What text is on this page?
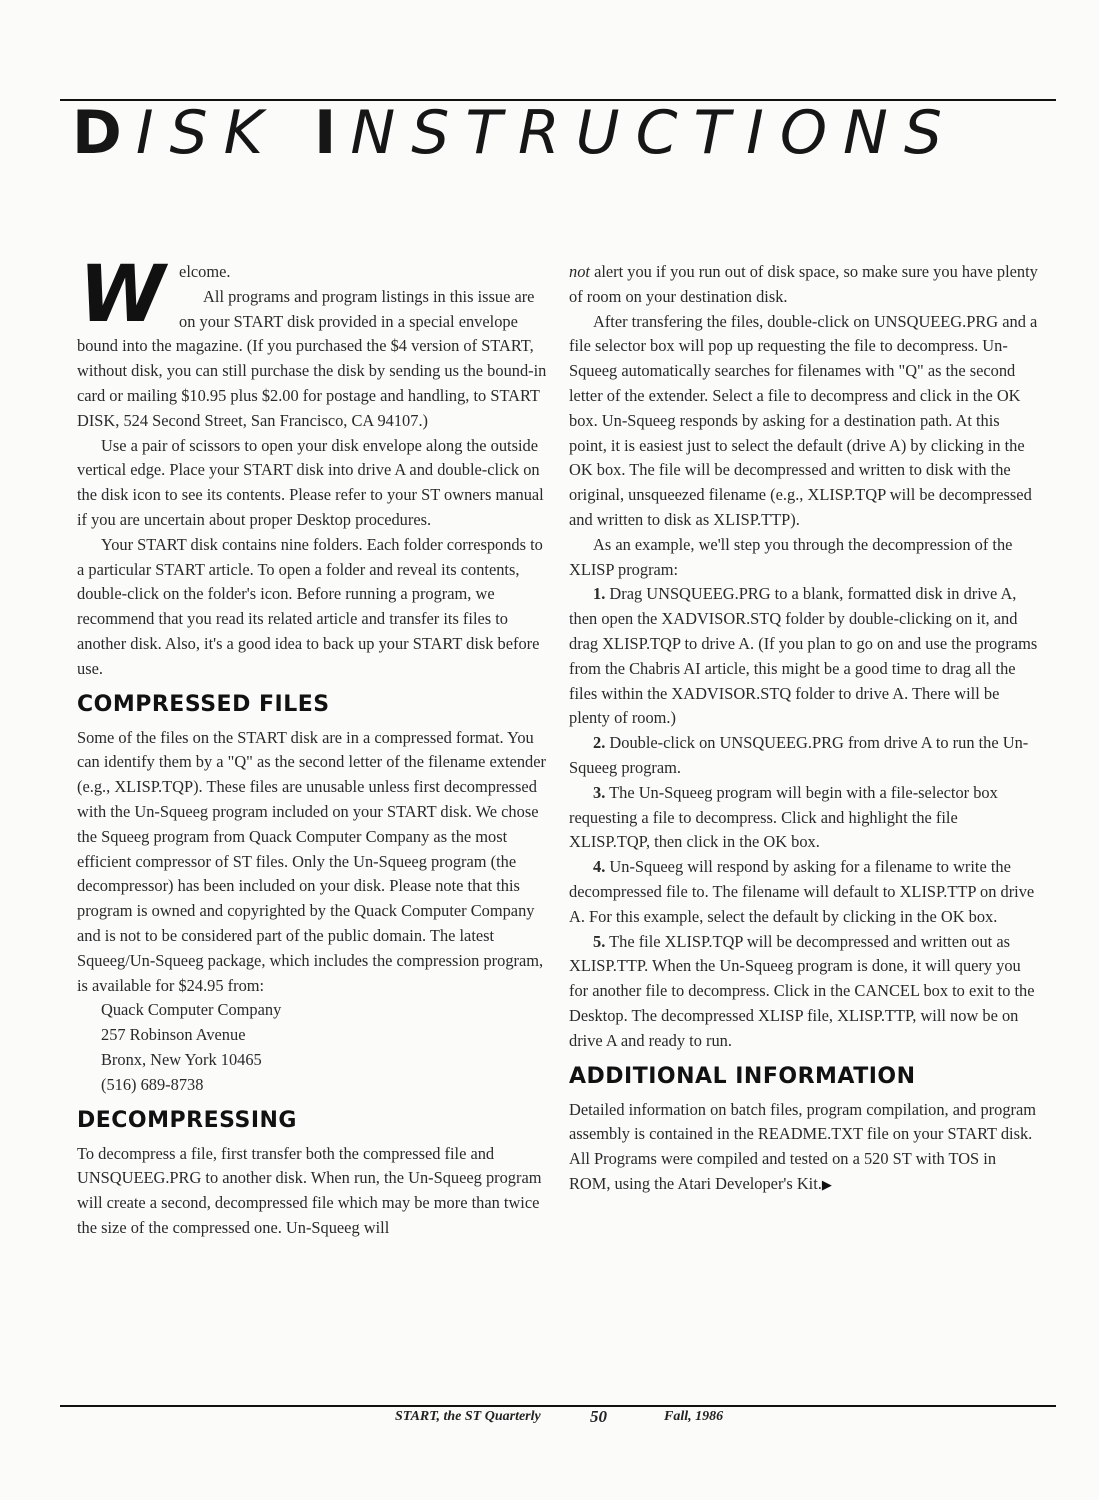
DISK INSTRUCTIONS
W elcome.

All programs and program listings in this issue are on your START disk provided in a special envelope bound into the magazine. (If you purchased the $4 version of START, without disk, you can still purchase the disk by sending us the bound-in card or mailing $10.95 plus $2.00 for postage and handling, to START DISK, 524 Second Street, San Francisco, CA 94107.)

Use a pair of scissors to open your disk envelope along the outside vertical edge. Place your START disk into drive A and double-click on the disk icon to see its contents. Please refer to your ST owners manual if you are uncertain about proper Desktop procedures.

Your START disk contains nine folders. Each folder corresponds to a particular START article. To open a folder and reveal its contents, double-click on the folder's icon. Before running a program, we recommend that you read its related article and transfer its files to another disk. Also, it's a good idea to back up your START disk before use.

COMPRESSED FILES

Some of the files on the START disk are in a compressed format. You can identify them by a "Q" as the second letter of the filename extender (e.g., XLISP.TQP). These files are unusable unless first decompressed with the Un-Squeeg program included on your START disk. We chose the Squeeg program from Quack Computer Company as the most efficient compressor of ST files. Only the Un-Squeeg program (the decompressor) has been included on your disk. Please note that this program is owned and copyrighted by the Quack Computer Company and is not to be considered part of the public domain. The latest Squeeg/Un-Squeeg package, which includes the compression program, is available for $24.95 from:

Quack Computer Company
257 Robinson Avenue
Bronx, New York 10465
(516) 689-8738
DECOMPRESSING

To decompress a file, first transfer both the compressed file and UNSQUEEG.PRG to another disk. When run, the Un-Squeeg program will create a second, decompressed file which may be more than twice the size of the compressed one. Un-Squeeg will

not alert you if you run out of disk space, so make sure you have plenty of room on your destination disk.

After transfering the files, double-click on UNSQUEEG.PRG and a file selector box will pop up requesting the file to decompress. Un-Squeeg automatically searches for filenames with "Q" as the second letter of the extender. Select a file to decompress and click in the OK box. Un-Squeeg responds by asking for a destination path. At this point, it is easiest just to select the default (drive A) by clicking in the OK box. The file will be decompressed and written to disk with the original, unsqueezed filename (e.g., XLISP.TQP will be decompressed and written to disk as XLISP.TTP).

As an example, we'll step you through the decompression of the XLISP program:

1. Drag UNSQUEEG.PRG to a blank, formatted disk in drive A, then open the XADVISOR.STQ folder by double-clicking on it, and drag XLISP.TQP to drive A. (If you plan to go on and use the programs from the Chabris AI article, this might be a good time to drag all the files within the XADVISOR.STQ folder to drive A. There will be plenty of room.)

2. Double-click on UNSQUEEG.PRG from drive A to run the Un-Squeeg program.

3. The Un-Squeeg program will begin with a file-selector box requesting a file to decompress. Click and highlight the file XLISP.TQP, then click in the OK box.

4. Un-Squeeg will respond by asking for a filename to write the decompressed file to. The filename will default to XLISP.TTP on drive A. For this example, select the default by clicking in the OK box.

5. The file XLISP.TQP will be decompressed and written out as XLISP.TTP. When the Un-Squeeg program is done, it will query you for another file to decompress. Click in the CANCEL box to exit to the Desktop. The decompressed XLISP file, XLISP.TTP, will now be on drive A and ready to run.

ADDITIONAL INFORMATION

Detailed information on batch files, program compilation, and program assembly is contained in the README.TXT file on your START disk. All Programs were compiled and tested on a 520 ST with TOS in ROM, using the Atari Developer's Kit.▶

START, the ST Quarterly	50	Fall, 1986
